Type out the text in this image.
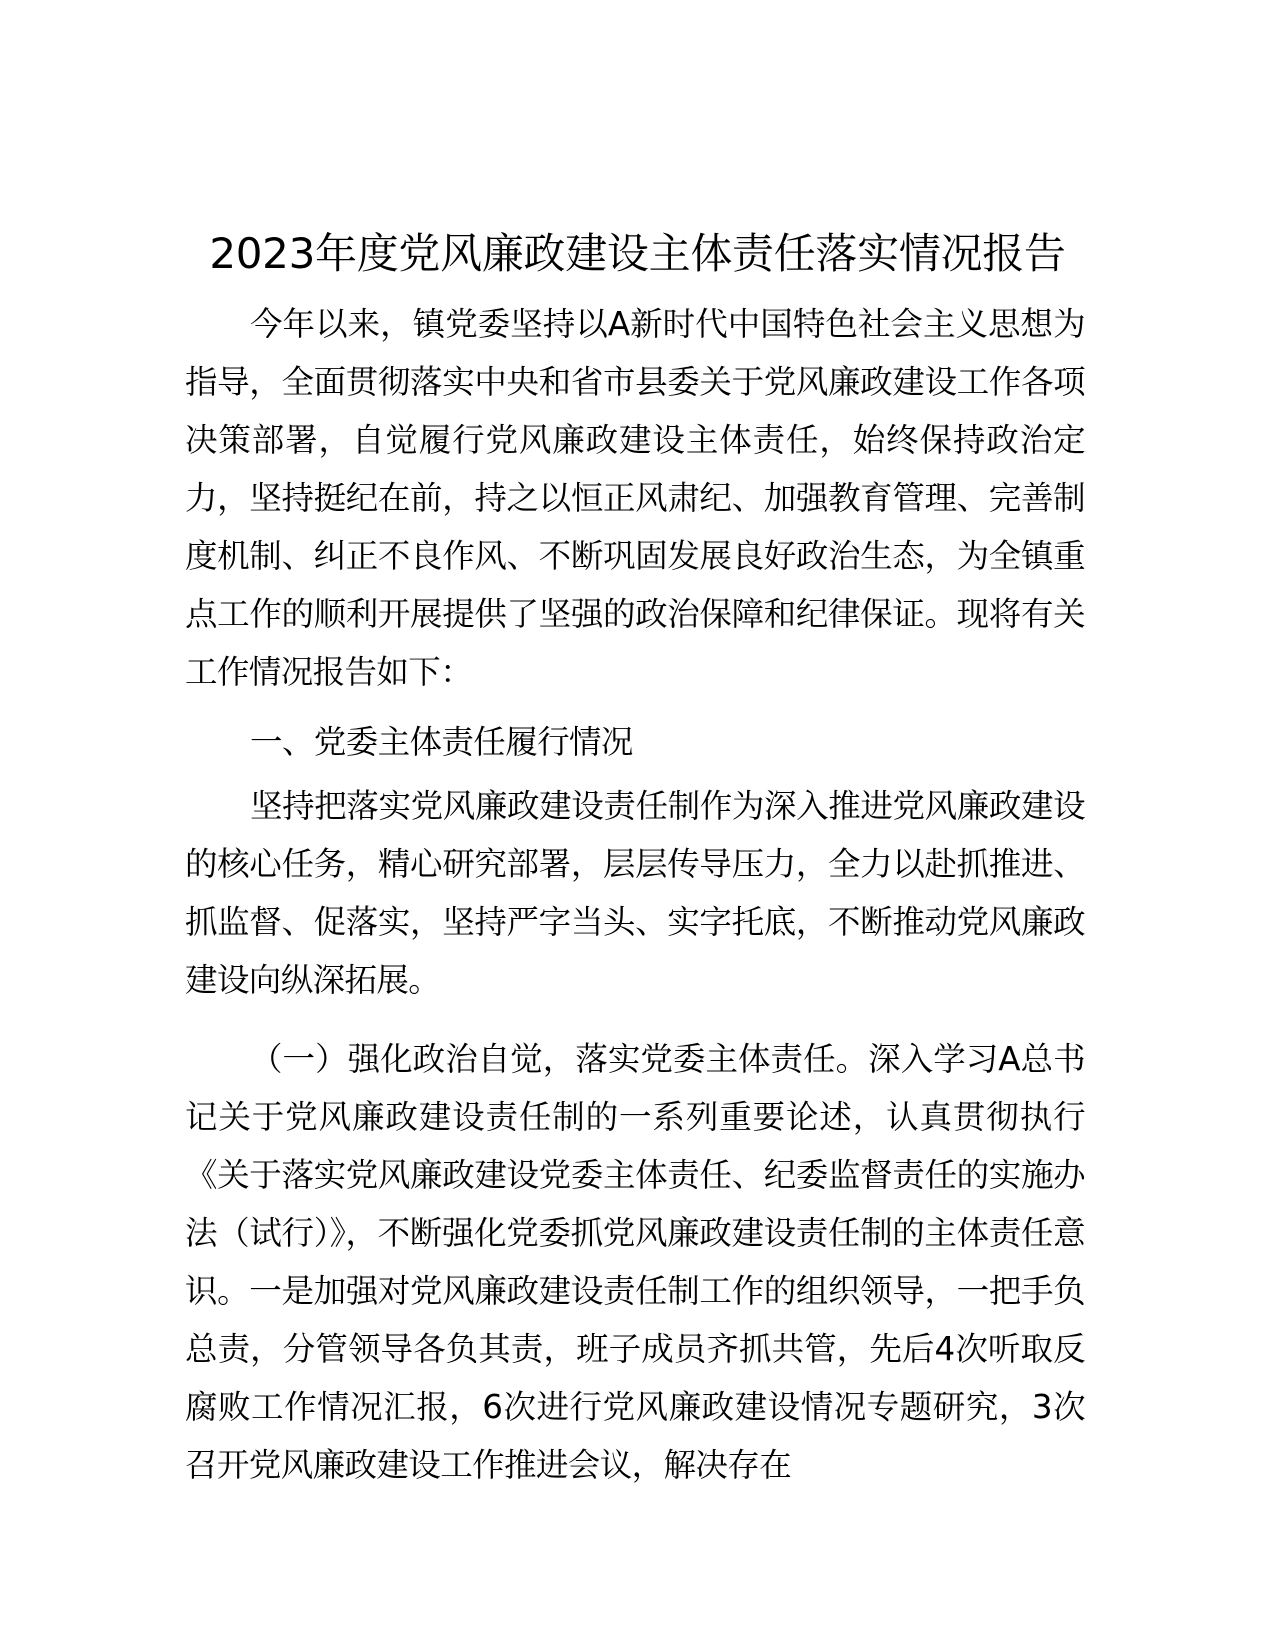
2023年度党风廉政建设主体责任落实情况报告

今年以来，镇党委坚持以A新时代中国特色社会主义思想为指导，全面贯彻落实中央和省市县委关于党风廉政建设工作各项决策部署，自觉履行党风廉政建设主体责任，始终保持政治定力，坚持挺纪在前，持之以恒正风肃纪、加强教育管理、完善制度机制、纠正不良作风、不断巩固发展良好政治生态，为全镇重点工作的顺利开展提供了坚强的政治保障和纪律保证。现将有关工作情况报告如下：

一、党委主体责任履行情况

坚持把落实党风廉政建设责任制作为深入推进党风廉政建设的核心任务，精心研究部署，层层传导压力，全力以赴抓推进、抓监督、促落实，坚持严字当头、实字托底，不断推动党风廉政建设向纵深拓展。

（一）强化政治自觉，落实党委主体责任。深入学习A总书记关于党风廉政建设责任制的一系列重要论述，认真贯彻执行《关于落实党风廉政建设党委主体责任、纪委监督责任的实施办法（试行）》，不断强化党委抓党风廉政建设责任制的主体责任意识。一是加强对党风廉政建设责任制工作的组织领导，一把手负总责，分管领导各负其责，班子成员齐抓共管，先后4次听取反腐败工作情况汇报，6次进行党风廉政建设情况专题研究，3次召开党风廉政建设工作推进会议，解决存在
